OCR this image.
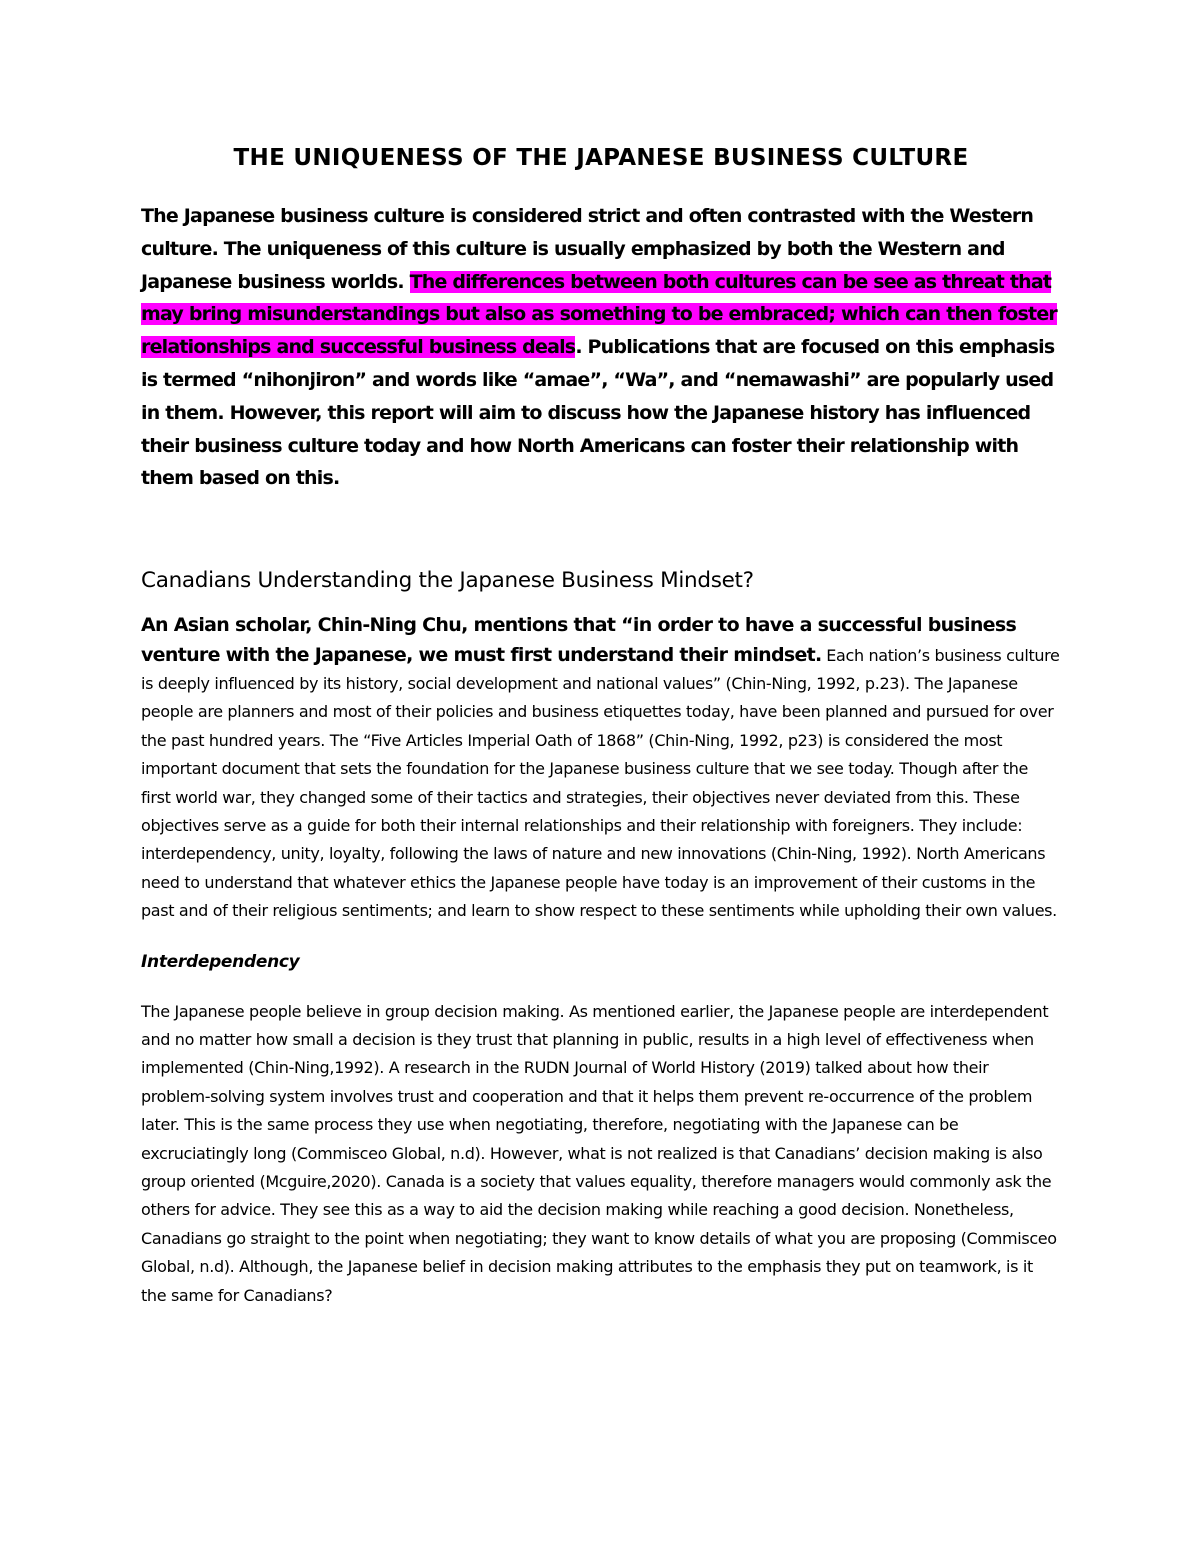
THE UNIQUENESS OF THE JAPANESE BUSINESS CULTURE

The Japanese business culture is considered strict and often contrasted with the Western culture. The uniqueness of this culture is usually emphasized by both the Western and Japanese business worlds. The differences between both cultures can be see as threat that may bring misunderstandings but also as something to be embraced; which can then foster relationships and successful business deals. Publications that are focused on this emphasis is termed “nihonjiron” and words like “amae”, “Wa”, and “nemawashi” are popularly used in them. However, this report will aim to discuss how the Japanese history has influenced their business culture today and how North Americans can foster their relationship with them based on this.

Canadians Understanding the Japanese Business Mindset?

An Asian scholar, Chin-Ning Chu, mentions that “in order to have a successful business venture with the Japanese, we must first understand their mindset. Each nation’s business culture is deeply influenced by its history, social development and national values” (Chin-Ning, 1992, p.23). The Japanese people are planners and most of their policies and business etiquettes today, have been planned and pursued for over the past hundred years. The “Five Articles Imperial Oath of 1868” (Chin-Ning, 1992, p23) is considered the most important document that sets the foundation for the Japanese business culture that we see today. Though after the first world war, they changed some of their tactics and strategies, their objectives never deviated from this. These objectives serve as a guide for both their internal relationships and their relationship with foreigners. They include: interdependency, unity, loyalty, following the laws of nature and new innovations (Chin-Ning, 1992). North Americans need to understand that whatever ethics the Japanese people have today is an improvement of their customs in the past and of their religious sentiments; and learn to show respect to these sentiments while upholding their own values.

Interdependency

The Japanese people believe in group decision making. As mentioned earlier, the Japanese people are interdependent and no matter how small a decision is they trust that planning in public, results in a high level of effectiveness when implemented (Chin-Ning,1992). A research in the RUDN Journal of World History (2019) talked about how their problem-solving system involves trust and cooperation and that it helps them prevent re-occurrence of the problem later. This is the same process they use when negotiating, therefore, negotiating with the Japanese can be excruciatingly long (Commisceo Global, n.d). However, what is not realized is that Canadians’ decision making is also group oriented (Mcguire,2020). Canada is a society that values equality, therefore managers would commonly ask the others for advice. They see this as a way to aid the decision making while reaching a good decision. Nonetheless, Canadians go straight to the point when negotiating; they want to know details of what you are proposing (Commisceo Global, n.d). Although, the Japanese belief in decision making attributes to the emphasis they put on teamwork, is it the same for Canadians?
